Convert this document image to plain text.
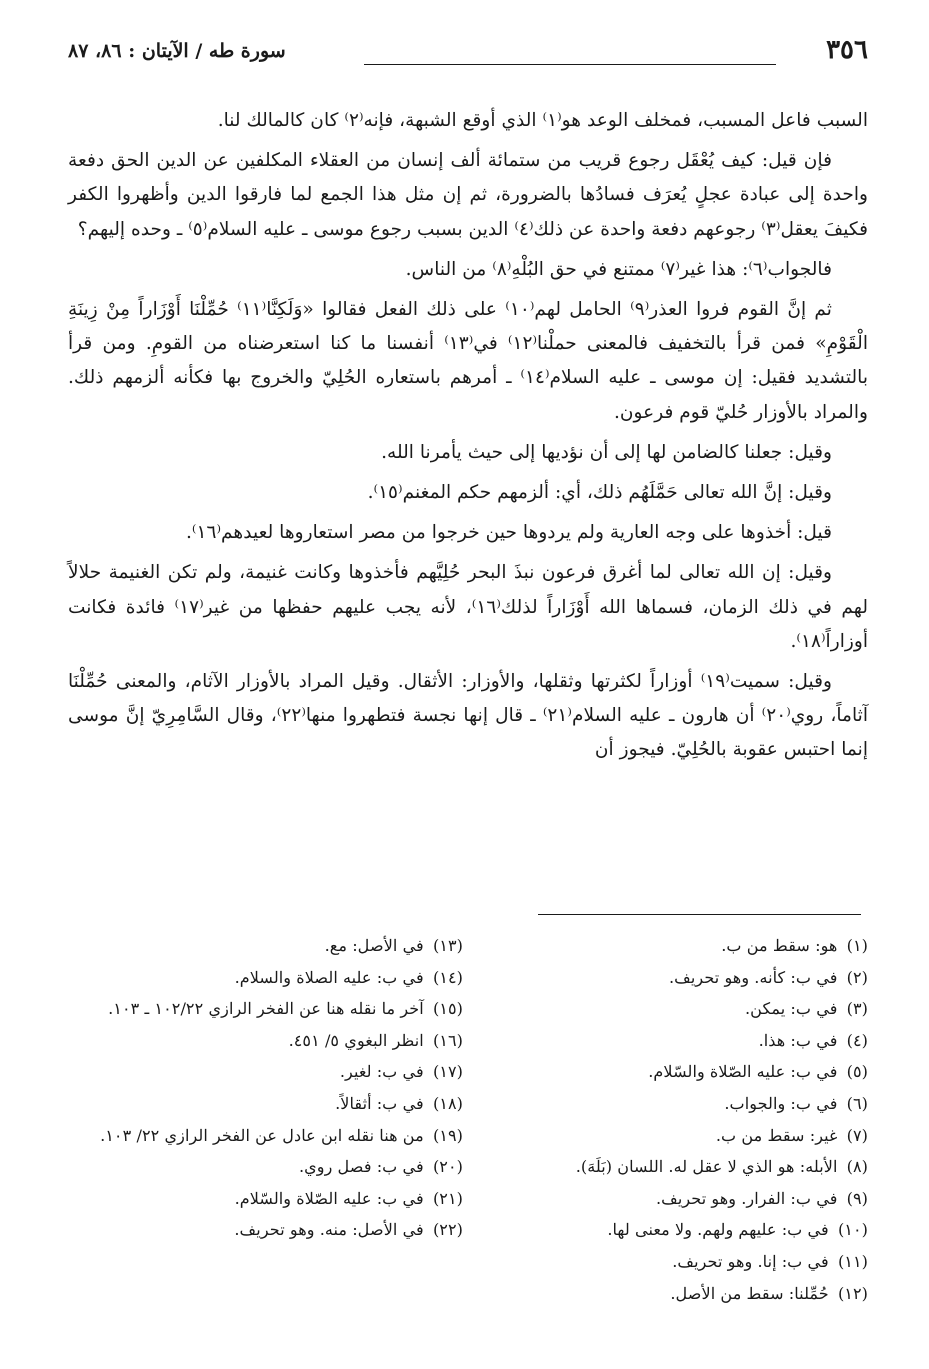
٣٥٦
سورة طه / الآيتان : ٨٦، ٨٧

السبب فاعل المسبب، فمخلف الوعد هو⁽١⁾ الذي أوقع الشبهة، فإنه⁽٢⁾ كان كالمالك لنا.

فإن قيل: كيف يُعْقَل رجوع قريب من ستمائة ألف إنسان من العقلاء المكلفين عن الدين الحق دفعة واحدة إلى عبادة عجلٍ يُعرَف فسادُها بالضرورة، ثم إن مثل هذا الجمع لما فارقوا الدين وأظهروا الكفر فكيفَ يعقل⁽٣⁾ رجوعهم دفعة واحدة عن ذلك⁽٤⁾ الدين بسبب رجوع موسى ـ عليه السلام⁽٥⁾ ـ وحده إليهم؟

فالجواب⁽٦⁾: هذا غير⁽٧⁾ ممتنع في حق البُلْهِ⁽٨⁾ من الناس.

ثم إنَّ القوم فروا العذر⁽٩⁾ الحامل لهم⁽١٠⁾ على ذلك الفعل فقالوا «وَلَكِنَّا⁽١١⁾ حُمِّلْنَا أَوْزَاراً مِنْ زِينَةِ الْقَوْمِ» فمن قرأ بالتخفيف فالمعنى حملْنا⁽١٢⁾ في⁽١٣⁾ أنفسنا ما كنا استعرضناه من القومِ. ومن قرأ بالتشديد فقيل: إن موسى ـ عليه السلام⁽١٤⁾ ـ أمرهم باستعاره الحُلِيّ والخروج بها فكأنه ألزمهم ذلك. والمراد بالأوزار حُليّ قوم فرعون.

وقيل: جعلنا كالضامن لها إلى أن نؤديها إلى حيث يأمرنا الله.

وقيل: إنَّ الله تعالى حَمَّلَهُم ذلك، أي: ألزمهم حكم المغنم⁽١٥⁾.

قيل: أخذوها على وجه العارية ولم يردوها حين خرجوا من مصر استعاروها لعيدهم⁽١٦⁾.

وقيل: إن الله تعالى لما أغرق فرعون نبذَ البحر حُلِيَّهم فأخذوها وكانت غنيمة، ولم تكن الغنيمة حلالاً لهم في ذلك الزمان، فسماها الله أَوْزَاراً لذلك⁽١٦⁾، لأنه يجب عليهم حفظها من غير⁽١٧⁾ فائدة فكانت أوزاراً⁽١٨⁾.

وقيل: سميت⁽١٩⁾ أوزاراً لكثرتها وثقلها، والأوزار: الأثقال. وقيل المراد بالأوزار الآثام، والمعنى حُمِّلْنَا آثاماً، روي⁽٢٠⁾ أن هارون ـ عليه السلام⁽٢١⁾ ـ قال إنها نجسة فتطهروا منها⁽٢٢⁾، وقال السَّامِرِيّ إنَّ موسى إنما احتبس عقوبة بالحُلِيّ. فيجوز أن

(١) هو: سقط من ب.

(٢) في ب: كأنه. وهو تحريف.

(٣) في ب: يمكن.

(٤) في ب: هذا.

(٥) في ب: عليه الصّلاة والسّلام.

(٦) في ب: والجواب.

(٧) غير: سقط من ب.

(٨) الأبله: هو الذي لا عقل له. اللسان (بَلَهَ).

(٩) في ب: الفرار. وهو تحريف.

(١٠) في ب: عليهم ولهم. ولا معنى لها.

(١١) في ب: إنا. وهو تحريف.

(١٢) حُمِّلنا: سقط من الأصل.

(١٣) في الأصل: مع.

(١٤) في ب: عليه الصلاة والسلام.

(١٥) آخر ما نقله هنا عن الفخر الرازي ١٠٢/٢٢ ـ ١٠٣.

(١٦) انظر البغوي ٥/ ٤٥١.

(١٧) في ب: لغير.

(١٨) في ب: أثقالاً.

(١٩) من هنا نقله ابن عادل عن الفخر الرازي ٢٢/ ١٠٣.

(٢٠) في ب: فصل روي.

(٢١) في ب: عليه الصّلاة والسّلام.

(٢٢) في الأصل: منه. وهو تحريف.
